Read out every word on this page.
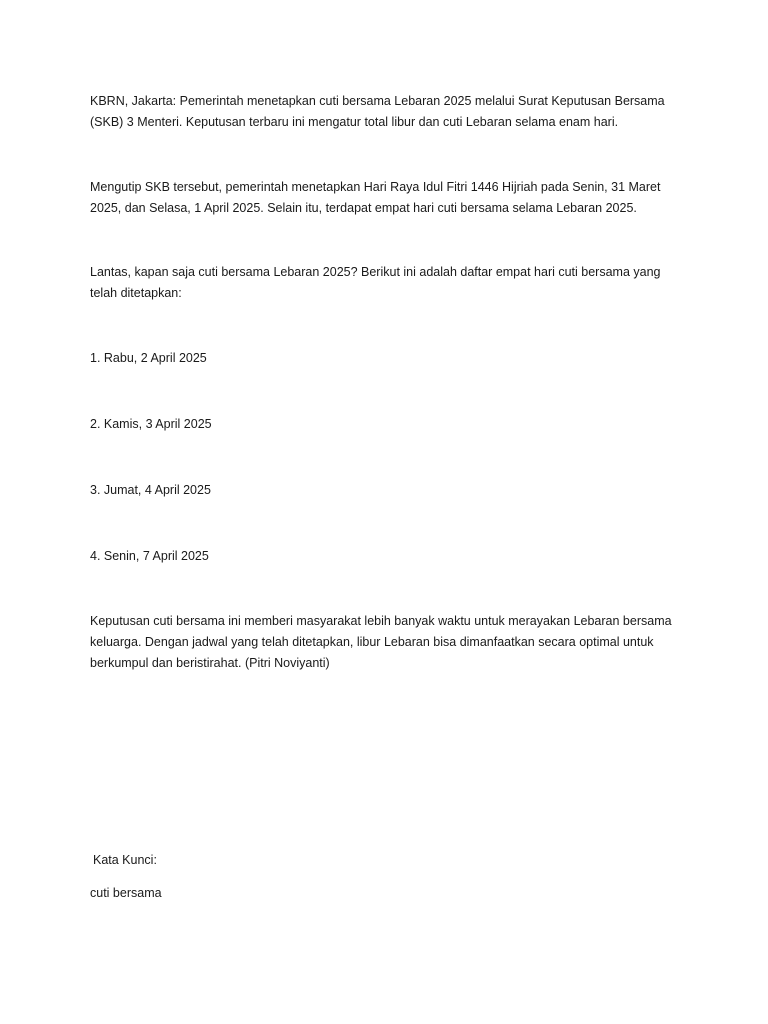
KBRN, Jakarta: Pemerintah menetapkan cuti bersama Lebaran 2025 melalui Surat Keputusan Bersama (SKB) 3 Menteri. Keputusan terbaru ini mengatur total libur dan cuti Lebaran selama enam hari.

Mengutip SKB tersebut, pemerintah menetapkan Hari Raya Idul Fitri 1446 Hijriah pada Senin, 31 Maret 2025, dan Selasa, 1 April 2025. Selain itu, terdapat empat hari cuti bersama selama Lebaran 2025.

Lantas, kapan saja cuti bersama Lebaran 2025? Berikut ini adalah daftar empat hari cuti bersama yang telah ditetapkan:

1. Rabu, 2 April 2025

2. Kamis, 3 April 2025

3. Jumat, 4 April 2025

4. Senin, 7 April 2025

Keputusan cuti bersama ini memberi masyarakat lebih banyak waktu untuk merayakan Lebaran bersama keluarga. Dengan jadwal yang telah ditetapkan, libur Lebaran bisa dimanfaatkan secara optimal untuk berkumpul dan beristirahat. (Pitri Noviyanti)

Kata Kunci:

cuti bersama
